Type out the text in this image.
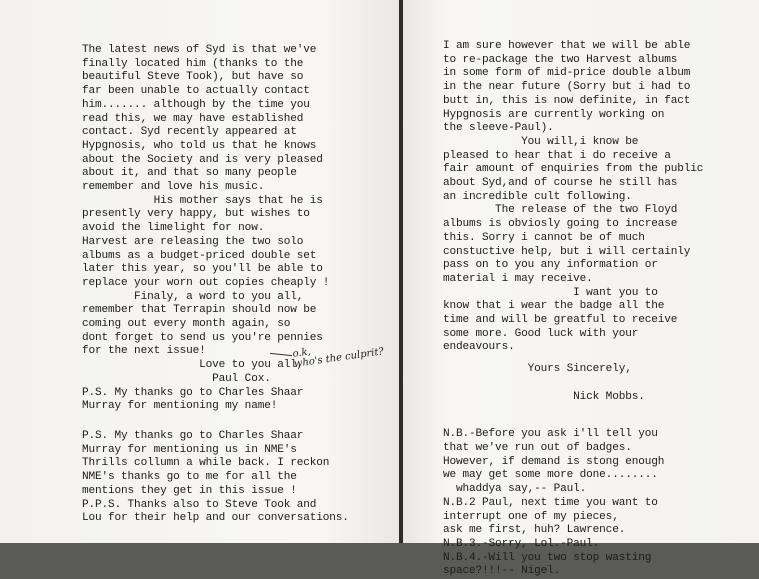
The latest news of Syd is that we've
finally located him (thanks to the
beautiful Steve Took), but have so
far been unable to actually contact
him....... although by the time you
read this, we may have established
contact. Syd recently appeared at
Hypgnosis, who told us that he knows
about the Society and is very pleased
about it, and that so many people
remember and love his music.
His mother says that he is
presently very happy, but wishes to
avoid the limelight for now.
Harvest are releasing the two solo
albums as a budget-priced double set
later this year, so you'll be able to
replace your worn out copies cheaply !
Finaly, a word to you all,
remember that Terrapin should now be
coming out every month again, so
dont forget to send us you're pennies
for the next issue!
Love to you all,
Paul Cox.
P.S. My thanks go to Charles Shaar
Murray for mentioning my name!
P.S. My thanks go to Charles Shaar
Murray for mentioning us in NME's
Thrills collumn a while back. I reckon
NME's thanks go to me for all the
mentions they get in this issue !
P.P.S. Thanks also to Steve Took and
Lou for their help and our conversations.
o.k,
who's the culprit?
I am sure however that we will be able
to re-package the two Harvest albums
in some form of mid-price double album
in the near future (Sorry but i had to
butt in, this is now definite, in fact
Hypgnosis are currently working on
the sleeve-Paul).
You will,i know be
pleased to hear that i do receive a
fair amount of enquiries from the public
about Syd,and of course he still has
an incredible cult following.
The release of the two Floyd
albums is obviosly going to increase
this. Sorry i cannot be of much
constuctive help, but i will certainly
pass on to you any information or
material i may receive.
I want you to
know that i wear the badge all the
time and will be greatful to receive
some more. Good luck with your
endeavours.
Yours Sincerely,

Nick Mobbs.
N.B.-Before you ask i'll tell you
that we've run out of badges.
However, if demand is stong enough
we may get some more done........
whaddya say,-- Paul.
N.B.2 Paul, next time you want to
interrupt one of my pieces,
ask me first, huh? Lawrence.
N.B.3.-Sorry, Lol.-Paul.
N.B.4.-Will you two stop wasting
space?!!!-- Nigel.
